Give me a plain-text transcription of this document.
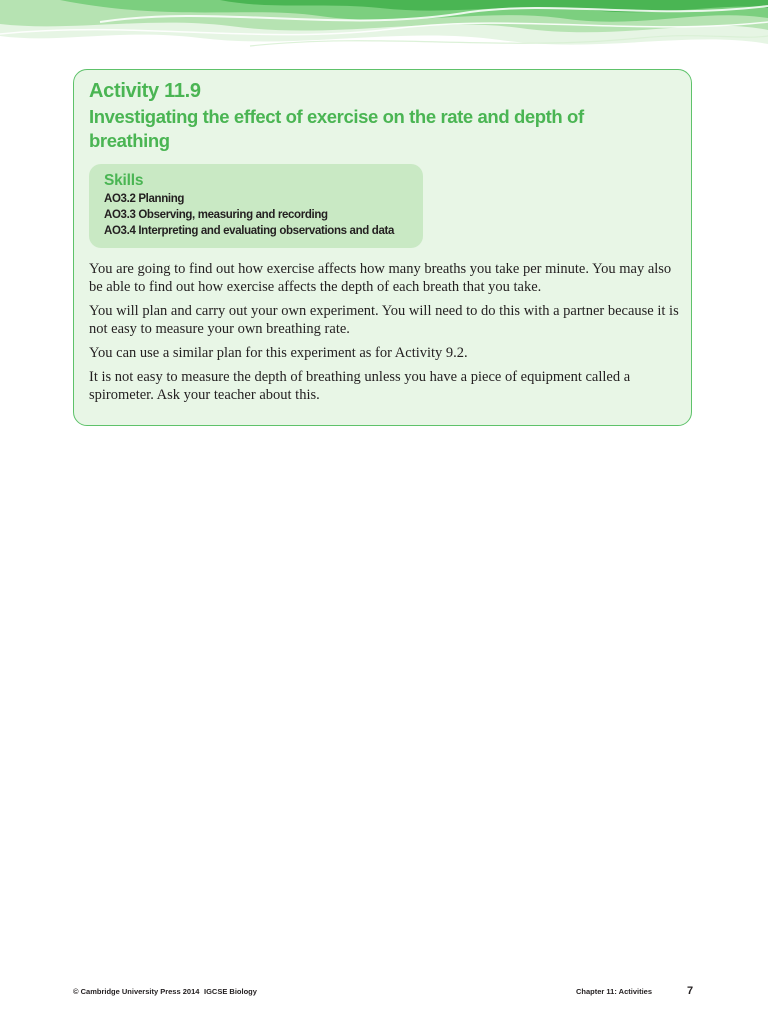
Activity 11.9
Investigating the effect of exercise on the rate and depth of breathing
Skills
AO3.2 Planning
AO3.3 Observing, measuring and recording
AO3.4 Interpreting and evaluating observations and data

You are going to find out how exercise affects how many breaths you take per minute. You may also be able to find out how exercise affects the depth of each breath that you take.

You will plan and carry out your own experiment. You will need to do this with a partner because it is not easy to measure your own breathing rate.

You can use a similar plan for this experiment as for Activity 9.2.

It is not easy to measure the depth of breathing unless you have a piece of equipment called a spirometer. Ask your teacher about this.

© Cambridge University Press 2014 IGCSE Biology	Chapter 11: Activities	7
